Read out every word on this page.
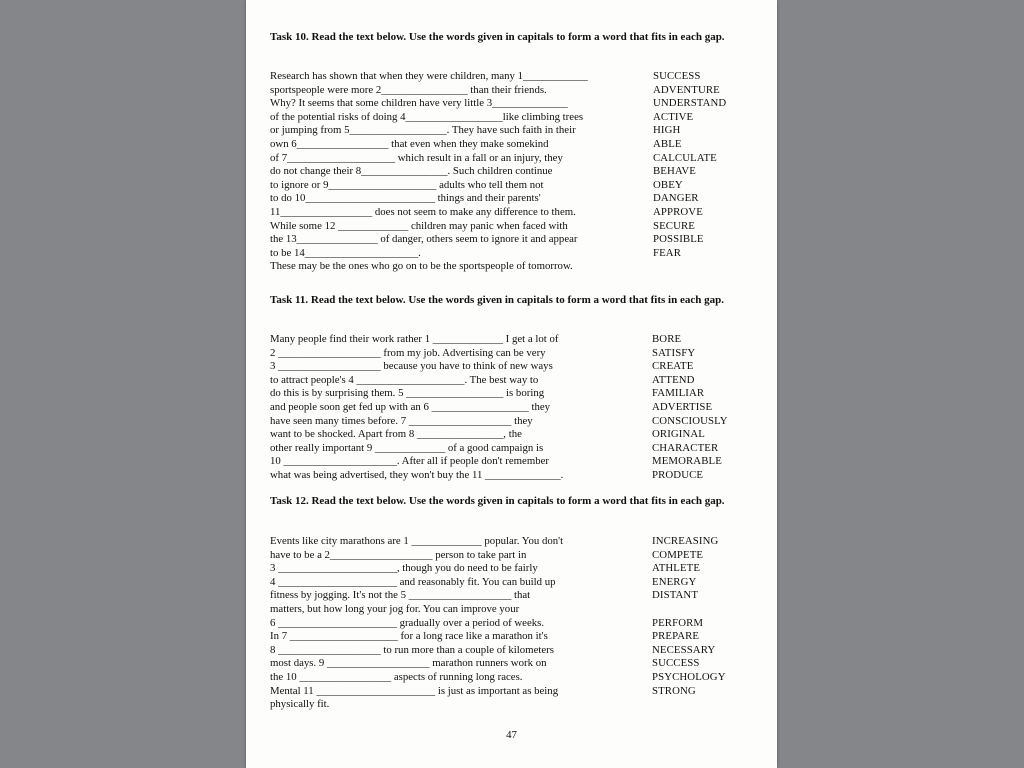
Task 10. Read the text below. Use the words given in capitals to form a word that fits in each gap.
Research has shown that when they were children, many 1____________	SUCCESS
sportspeople were more 2________________ than their friends.	ADVENTURE
Why? It seems that some children have very little 3______________	UNDERSTAND
of the potential risks of doing 4__________________like climbing trees	ACTIVE
or jumping from 5__________________. They have such faith in their	HIGH
own 6_________________ that even when they make somekind	ABLE
of 7____________________ which result in a fall or an injury, they	CALCULATE
do not change their 8________________. Such children continue	BEHAVE
to ignore or 9____________________ adults who tell them not	OBEY
to do 10________________________ things and their parents'	DANGER
11_________________ does not seem to make any difference to them.	APPROVE
While some 12 _____________ children may panic when faced with	SECURE
the 13_______________ of danger, others seem to ignore it and appear	POSSIBLE
to be 14_____________________.	FEAR
These may be the ones who go on to be the sportspeople of tomorrow.
Task 11. Read the text below. Use the words given in capitals to form a word that fits in each gap.
Many people find their work rather 1 _____________ I get a lot of	BORE
2 ___________________ from my job. Advertising can be very	SATISFY
3 ___________________ because you have to think of new ways	CREATE
to attract people's 4 ____________________. The best way to	ATTEND
do this is by surprising them. 5 __________________ is boring	FAMILIAR
and people soon get fed up with an 6 __________________ they	ADVERTISE
have seen many times before. 7 ___________________ they	CONSCIOUSLY
want to be shocked. Apart from 8 ________________, the	ORIGINAL
other really important 9 _____________ of a good campaign is	CHARACTER
10 _____________________. After all if people don't remember	MEMORABLE
what was being advertised, they won't buy the 11 ______________.	PRODUCE
Task 12. Read the text below. Use the words given in capitals to form a word that fits in each gap.
Events like city marathons are 1 _____________ popular. You don't	INCREASING
have to be a 2___________________ person to take part in	COMPETE
3 ______________________, though you do need to be fairly	ATHLETE
4 ______________________ and reasonably fit. You can build up	ENERGY
fitness by jogging. It's not the 5 ___________________ that	DISTANT
matters, but how long your jog for. You can improve your
6 ______________________ gradually over a period of weeks.	PERFORM
In 7 ____________________ for a long race like a marathon it's	PREPARE
8 ___________________ to run more than a couple of kilometers	NECESSARY
most days. 9 ___________________ marathon runners work on	SUCCESS
the 10 _________________ aspects of running long races.	PSYCHOLOGY
Mental 11 ______________________ is just as important as being	STRONG
physically fit.
47
